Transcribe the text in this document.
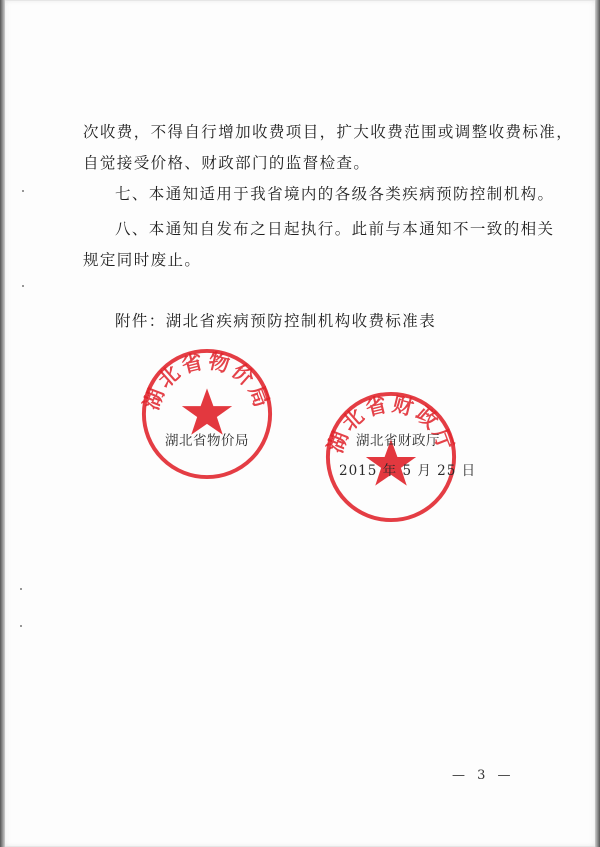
次收费，不得自行增加收费项目，扩大收费范围或调整收费标准，
自觉接受价格、财政部门的监督检查。
七、本通知适用于我省境内的各级各类疾病预防控制机构。
八、本通知自发布之日起执行。此前与本通知不一致的相关
规定同时废止。
附件：湖北省疾病预防控制机构收费标准表
湖北省物价局
湖北省财政厅
湖北省物价局	湖北省财政厅
2015 年 5 月 25 日
— 3 —
